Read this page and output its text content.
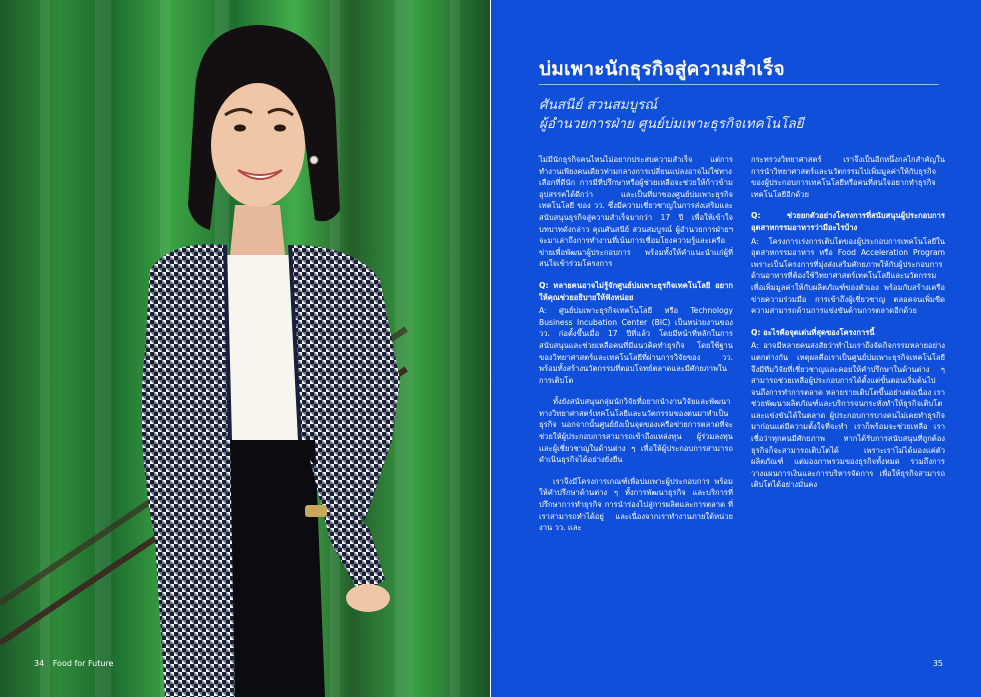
34 Food for Future
บ่มเพาะนักธุรกิจสู่ความสำเร็จ
ศันสนีย์ สวนสมบูรณ์
ผู้อำนวยการฝ่าย ศูนย์บ่มเพาะธุรกิจเทคโนโลยี

ไม่มีนักธุรกิจคนไหนไม่อยากประสบความสำเร็จ แต่การทำงานเพียงคนเดียวท่ามกลางการเปลี่ยนแปลงอาจไม่ใช่ทางเลือกที่ดีนัก การมีที่ปรึกษาหรือผู้ช่วยเหลือจะช่วยให้ก้าวข้ามอุปสรรคได้ดีกว่า และเป็นที่มาของศูนย์บ่มเพาะธุรกิจเทคโนโลยี ของ วว. ซึ่งมีความเชี่ยวชาญในการส่งเสริมและสนับสนุนธุรกิจสู่ความสำเร็จมากว่า 17 ปี เพื่อให้เข้าใจบทบาทดังกล่าว คุณศันสนีย์ สวนสมบูรณ์ ผู้อำนวยการฝ่ายฯ จะมาเล่าถึงการทำงานที่เน้นการเชื่อมโยงความรู้และเครือข่ายเพื่อพัฒนาผู้ประกอบการ พร้อมทั้งให้คำแนะนำแก่ผู้ที่สนใจเข้าร่วมโครงการ

Q: หลายคนอาจไม่รู้จักศูนย์บ่มเพาะธุรกิจเทคโนโลยี อยากให้คุณช่วยอธิบายให้ฟังหน่อย

A: ศูนย์บ่มเพาะธุรกิจเทคโนโลยี หรือ Technology Business Incubation Center (BIC) เป็นหน่วยงานของ วว. ก่อตั้งขึ้นเมื่อ 17 ปีที่แล้ว โดยมีหน้าที่หลักในการสนับสนุนและช่วยเหลือคนที่มีแนวคิดทำธุรกิจ โดยใช้ฐานของวิทยาศาสตร์และเทคโนโลยีที่ผ่านการวิจัยของ วว. พร้อมทั้งสร้างนวัตกรรมที่ตอบโจทย์ตลาดและมีศักยภาพในการเติบโต

ทั้งยังสนับสนุนกลุ่มนักวิจัยที่อยากนำงานวิจัยและพัฒนาทางวิทยาศาสตร์เทคโนโลยีและนวัตกรรมของตนมาทำเป็นธุรกิจ นอกจากนั้นศูนย์ยังเป็นจุดของเครือข่ายการตลาดที่จะช่วยให้ผู้ประกอบการสามารถเข้าถึงแหล่งทุน ผู้ร่วมลงทุน และผู้เชี่ยวชาญในด้านต่าง ๆ เพื่อให้ผู้ประกอบการสามารถดำเนินธุรกิจได้อย่างยั่งยืน

เราจึงมีโครงการเกณฑ์เพื่อบ่มเพาะผู้ประกอบการ พร้อมให้คำปรึกษาด้านต่าง ๆ ทั้งการพัฒนาธุรกิจ และบริการที่ปรึกษาการทำธุรกิจ การนำร่องไปสู่การผลิตและการตลาด ที่เราสามารถทำได้อยู่ และเนื่องจากเราทำงานภายใต้หน่วยงาน วว. และ

กระทรวงวิทยาศาสตร์ เราจึงเป็นอีกหนึ่งกลไกสำคัญในการนำวิทยาศาสตร์และนวัตกรรมไปเพิ่มมูลค่าให้กับธุรกิจของผู้ประกอบการเทคโนโลยีหรือคนที่สนใจอยากทำธุรกิจเทคโนโลยีอีกด้วย

Q: ช่วยยกตัวอย่างโครงการที่สนับสนุนผู้ประกอบการอุตสาหกรรมอาหารว่ามีอะไรบ้าง

A: โครงการเร่งการเติบโตของผู้ประกอบการเทคโนโลยีในอุตสาหกรรมอาหาร หรือ Food Acceleration Program เพราะเป็นโครงการที่มุ่งส่งเสริมศักยภาพให้กับผู้ประกอบการด้านอาหารที่ต้องใช้วิทยาศาสตร์เทคโนโลยีและนวัตกรรมเพื่อเพิ่มมูลค่าให้กับผลิตภัณฑ์ของตัวเอง พร้อมกับสร้างเครือข่ายความร่วมมือ การเข้าถึงผู้เชี่ยวชาญ ตลอดจนเพิ่มขีดความสามารถด้านการแข่งขันด้านการตลาดอีกด้วย

Q: อะไรคือจุดเด่นที่สุดของโครงการนี้

A: อาจมีหลายคนสงสัยว่าทำไมเราถึงจัดกิจกรรมหลายอย่างแตกต่างกัน เหตุผลคือเราเป็นศูนย์บ่มเพาะธุรกิจเทคโนโลยี จึงมีทีมวิจัยที่เชี่ยวชาญและคอยให้คำปรึกษาในด้านต่าง ๆ สามารถช่วยเหลือผู้ประกอบการได้ตั้งแต่ขั้นตอนเริ่มต้นไปจนถึงการทำการตลาด หลายรายเติบโตขึ้นอย่างต่อเนื่อง เราช่วยพัฒนาผลิตภัณฑ์และบริการจนกระทั่งทำให้ธุรกิจเติบโตและแข่งขันได้ในตลาด ผู้ประกอบการบางคนไม่เคยทำธุรกิจมาก่อนแต่มีความตั้งใจที่จะทำ เราก็พร้อมจะช่วยเหลือ เราเชื่อว่าทุกคนมีศักยภาพ หากได้รับการสนับสนุนที่ถูกต้อง ธุรกิจก็จะสามารถเติบโตได้ เพราะเราไม่ได้มองแค่ตัวผลิตภัณฑ์ แต่มองภาพรวมของธุรกิจทั้งหมด รวมถึงการวางแผนการเงินและการบริหารจัดการ เพื่อให้ธุรกิจสามารถเติบโตได้อย่างมั่นคง

35
